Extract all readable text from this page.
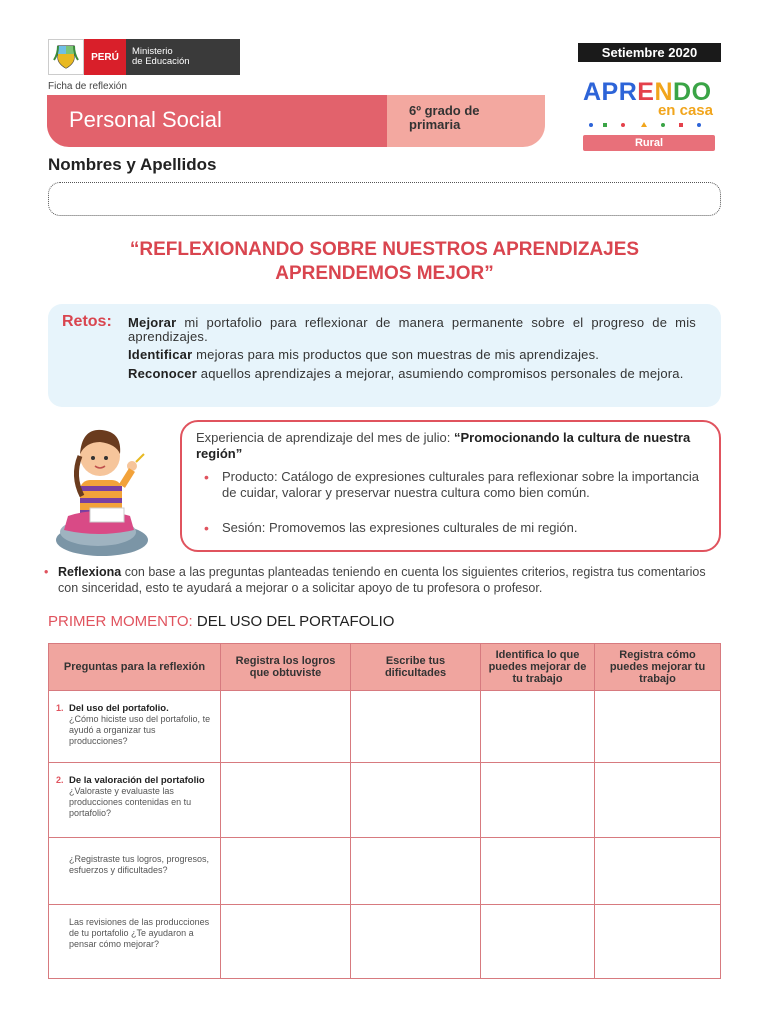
PERÚ	Ministerio
de Educación
Ficha de reflexión
Personal Social	6º grado de
primaria
Setiembre 2020
APRENDO
en casa
Rural
Nombres y Apellidos
“REFLEXIONANDO SOBRE NUESTROS APRENDIZAJES
APRENDEMOS MEJOR”
Retos: Mejorar mi portafolio para reflexionar de manera permanente sobre el progreso de mis aprendizajes.
Identificar mejoras para mis productos que son muestras de mis aprendizajes.
Reconocer aquellos aprendizajes a mejorar, asumiendo compromisos personales de mejora.
Experiencia de aprendizaje del mes de julio: “Promocionando la cultura de nuestra región”
• Producto: Catálogo de expresiones culturales para reflexionar sobre la importancia de cuidar, valorar y preservar nuestra cultura como bien común.
• Sesión: Promovemos las expresiones culturales de mi región.
• Reflexiona con base a las preguntas planteadas teniendo en cuenta los siguientes criterios, registra tus comentarios con sinceridad, esto te ayudará a mejorar o a solicitar apoyo de tu profesora o profesor.
PRIMER MOMENTO: DEL USO DEL PORTAFOLIO
Preguntas para la reflexión	Registra los logros que obtuviste	Escribe tus dificultades	Identifica lo que puedes mejorar de tu trabajo	Registra cómo puedes mejorar tu trabajo

1. Del uso del portafolio.
¿Cómo hiciste uso del portafolio, te ayudó a organizar tus producciones?				

2. De la valoración del portafolio
¿Valoraste y evaluaste las producciones contenidas en tu portafolio?				

¿Registraste tus logros, progresos, esfuerzos y dificultades?				

Las revisiones de las producciones de tu portafolio ¿Te ayudaron a pensar cómo mejorar?				
